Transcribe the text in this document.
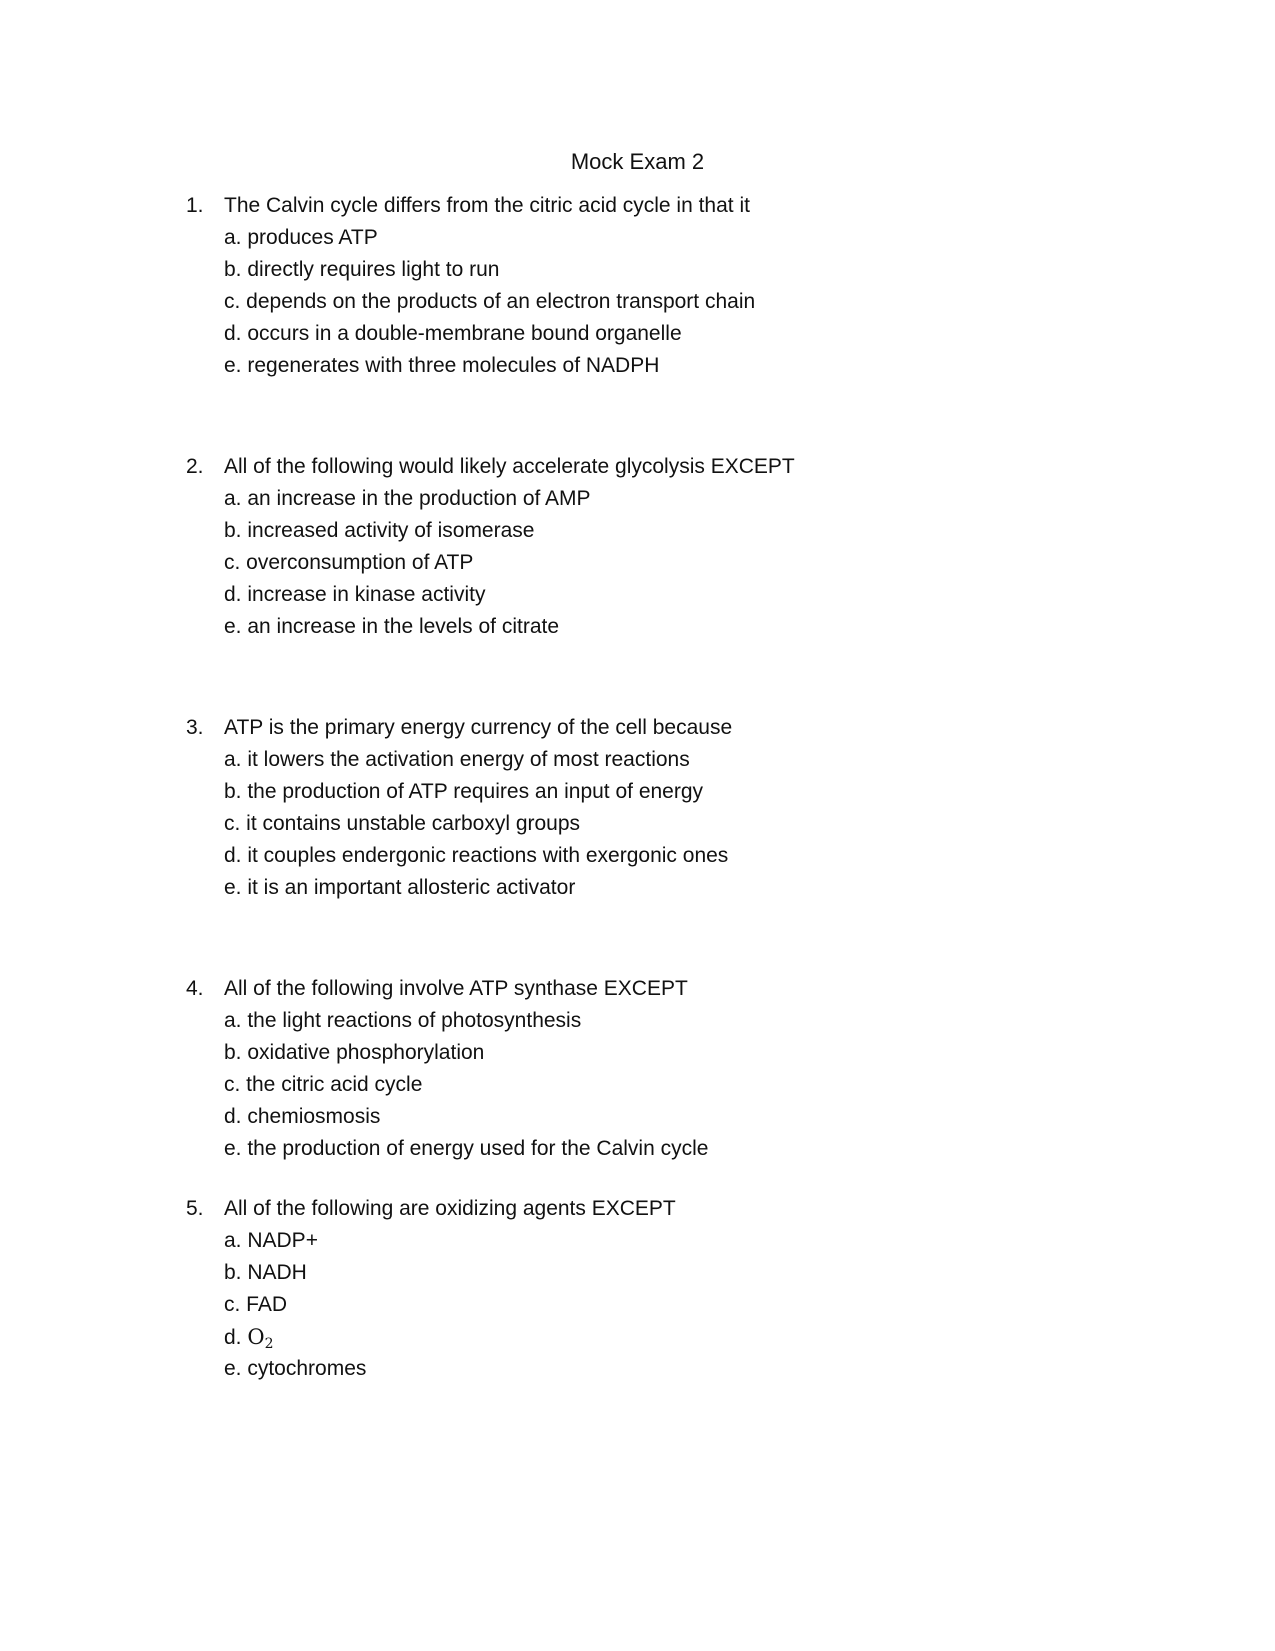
Mock Exam 2
1. The Calvin cycle differs from the citric acid cycle in that it
a. produces ATP
b. directly requires light to run
c. depends on the products of an electron transport chain
d. occurs in a double-membrane bound organelle
e. regenerates with three molecules of NADPH
2. All of the following would likely accelerate glycolysis EXCEPT
a. an increase in the production of AMP
b. increased activity of isomerase
c. overconsumption of ATP
d. increase in kinase activity
e. an increase in the levels of citrate
3. ATP is the primary energy currency of the cell because
a. it lowers the activation energy of most reactions
b. the production of ATP requires an input of energy
c. it contains unstable carboxyl groups
d. it couples endergonic reactions with exergonic ones
e. it is an important allosteric activator
4. All of the following involve ATP synthase EXCEPT
a. the light reactions of photosynthesis
b. oxidative phosphorylation
c. the citric acid cycle
d. chemiosmosis
e. the production of energy used for the Calvin cycle
5. All of the following are oxidizing agents EXCEPT
a. NADP+
b. NADH
c. FAD
d. $O_2$
e. cytochromes
